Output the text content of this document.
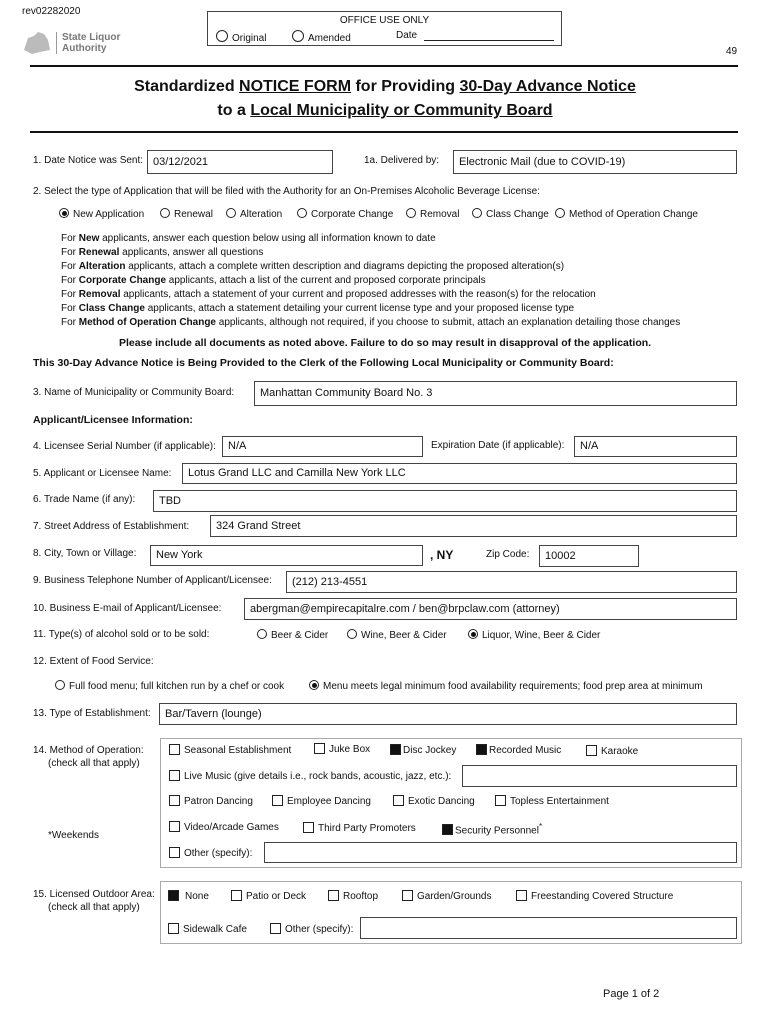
rev02282020
State Liquor
Authority
OFFICE USE ONLY
Original	Amended	Date
49
Standardized NOTICE FORM for Providing 30-Day Advance Notice
to a Local Municipality or Community Board
1. Date Notice was Sent: 03/12/2021	1a. Delivered by:	Electronic Mail (due to COVID-19)
2. Select the type of Application that will be filed with the Authority for an On-Premises Alcoholic Beverage License:
New Application	Renewal	Alteration	Corporate Change	Removal	Class Change	Method of Operation Change
For New applicants, answer each question below using all information known to date
For Renewal applicants, answer all questions
For Alteration applicants, attach a complete written description and diagrams depicting the proposed alteration(s)
For Corporate Change applicants, attach a list of the current and proposed corporate principals
For Removal applicants, attach a statement of your current and proposed addresses with the reason(s) for the relocation
For Class Change applicants, attach a statement detailing your current license type and your proposed license type
For Method of Operation Change applicants, although not required, if you choose to submit, attach an explanation detailing those changes
Please include all documents as noted above. Failure to do so may result in disapproval of the application.
This 30-Day Advance Notice is Being Provided to the Clerk of the Following Local Municipality or Community Board:
3. Name of Municipality or Community Board:	Manhattan Community Board No. 3
Applicant/Licensee Information:
4. Licensee Serial Number (if applicable):	N/A	Expiration Date (if applicable):	N/A
5. Applicant or Licensee Name:	Lotus Grand LLC and Camilla New York LLC
6. Trade Name (if any):	TBD
7. Street Address of Establishment:	324 Grand Street
8. City, Town or Village:	New York	, NY	Zip Code:	10002
9. Business Telephone Number of Applicant/Licensee:	(212) 213-4551
10. Business E-mail of Applicant/Licensee:	abergman@empirecapitalre.com / ben@brpclaw.com (attorney)
11. Type(s) of alcohol sold or to be sold:	Beer & Cider	Wine, Beer & Cider	Liquor, Wine, Beer & Cider
12. Extent of Food Service:
Full food menu; full kitchen run by a chef or cook	Menu meets legal minimum food availability requirements; food prep area at minimum
13. Type of Establishment:	Bar/Tavern (lounge)
14. Method of Operation:
(check all that apply)
*Weekends
Seasonal Establishment	Juke Box	Disc Jockey	Recorded Music	Karaoke
Live Music (give details i.e., rock bands, acoustic, jazz, etc.):
Patron Dancing	Employee Dancing	Exotic Dancing	Topless Entertainment
Video/Arcade Games	Third Party Promoters	Security Personnel*
Other (specify):
15. Licensed Outdoor Area:
(check all that apply)
None	Patio or Deck	Rooftop	Garden/Grounds	Freestanding Covered Structure
Sidewalk Cafe	Other (specify):
Page 1 of 2
